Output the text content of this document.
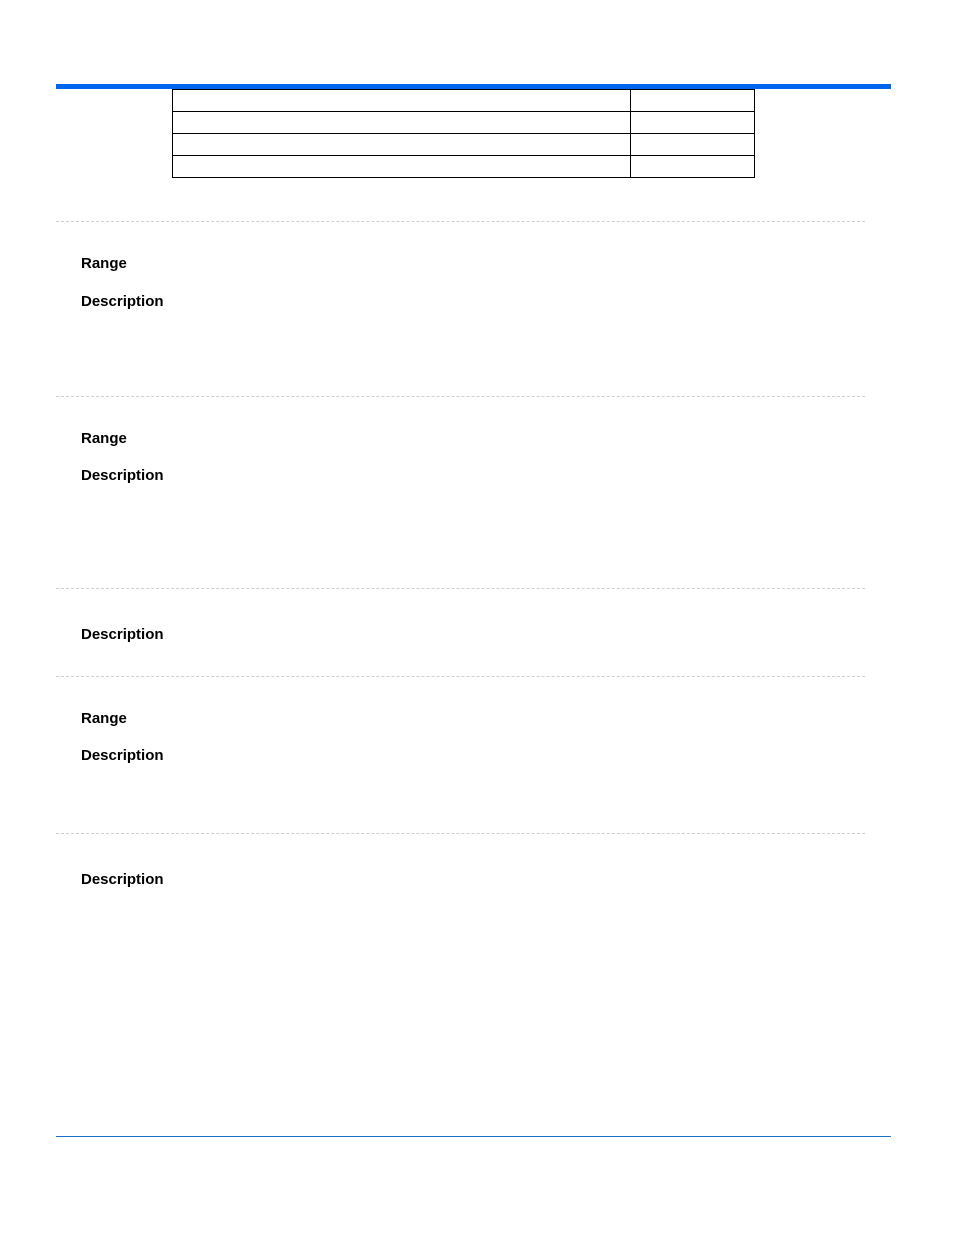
Range
Description
Range
Description
Description
Range
Description
Description
